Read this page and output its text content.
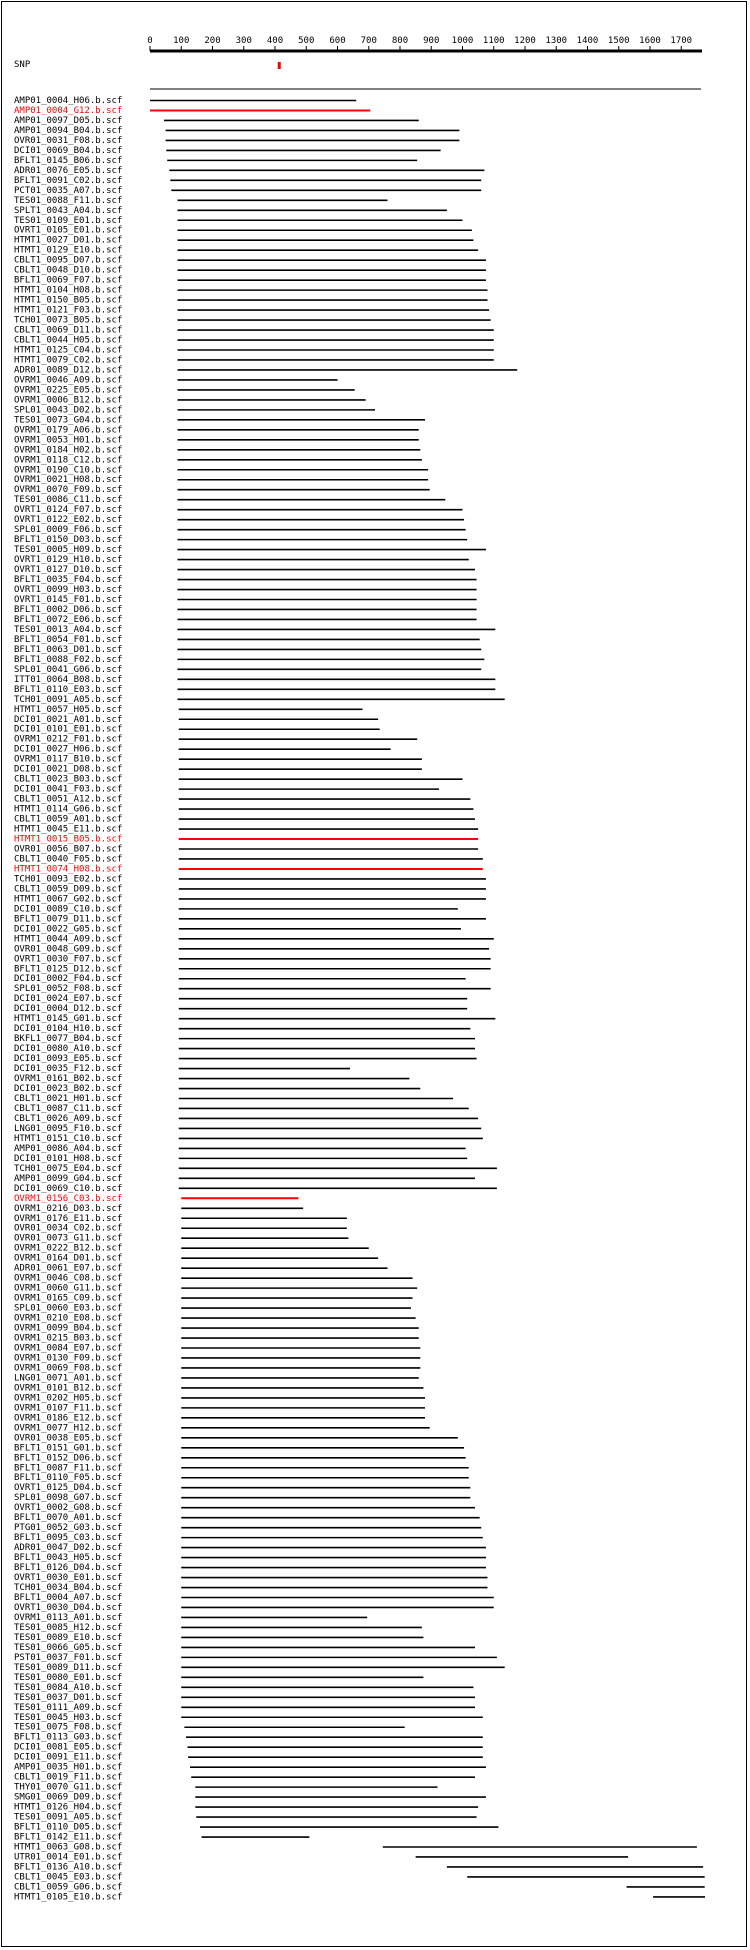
0 100 200 300 400 500 600 700 800 900 1000 1100 1200 1300 1400 1500 1600 1700
SNP
AMP01_0004_H06.b.scf
AMP01_0004_G12.b.scf
AMP01_0097_D05.b.scf
AMP01_0094_B04.b.scf
OVR01_0031_F08.b.scf
DCI01_0069_B04.b.scf
BFLT1_0145_B06.b.scf
ADR01_0076_E05.b.scf
BFLT1_0091_C02.b.scf
PCT01_0035_A07.b.scf
TES01_0088_F11.b.scf
SPLT1_0043_A04.b.scf
TES01_0109_E01.b.scf
OVRT1_0105_E01.b.scf
HTMT1_0027_D01.b.scf
HTMT1_0129_E10.b.scf
CBLT1_0095_D07.b.scf
CBLT1_0048_D10.b.scf
BFLT1_0069_F07.b.scf
HTMT1_0104_H08.b.scf
HTMT1_0150_B05.b.scf
HTMT1_0121_F03.b.scf
TCH01_0073_B05.b.scf
CBLT1_0069_D11.b.scf
CBLT1_0044_H05.b.scf
HTMT1_0125_C04.b.scf
HTMT1_0079_C02.b.scf
ADR01_0089_D12.b.scf
OVRM1_0046_A09.b.scf
OVRM1_0225_E05.b.scf
OVRM1_0006_B12.b.scf
SPL01_0043_D02.b.scf
TES01_0073_G04.b.scf
OVRM1_0179_A06.b.scf
OVRM1_0053_H01.b.scf
OVRM1_0184_H02.b.scf
OVRM1_0118_C12.b.scf
OVRM1_0190_C10.b.scf
OVRM1_0021_H08.b.scf
OVRM1_0070_F09.b.scf
TES01_0086_C11.b.scf
OVRT1_0124_F07.b.scf
OVRT1_0122_E02.b.scf
SPL01_0009_F06.b.scf
BFLT1_0150_D03.b.scf
TES01_0005_H09.b.scf
OVRT1_0129_H10.b.scf
OVRT1_0127_D10.b.scf
BFLT1_0035_F04.b.scf
OVRT1_0099_H03.b.scf
OVRT1_0145_F01.b.scf
BFLT1_0002_D06.b.scf
BFLT1_0072_E06.b.scf
TES01_0013_A04.b.scf
BFLT1_0054_F01.b.scf
BFLT1_0063_D01.b.scf
BFLT1_0088_F02.b.scf
SPL01_0041_G06.b.scf
ITT01_0064_B08.b.scf
BFLT1_0110_E03.b.scf
TCH01_0091_A05.b.scf
HTMT1_0057_H05.b.scf
DCI01_0021_A01.b.scf
DCI01_0101_E01.b.scf
OVRM1_0212_F01.b.scf
DCI01_0027_H06.b.scf
OVRM1_0117_B10.b.scf
DCI01_0021_D08.b.scf
CBLT1_0023_B03.b.scf
DCI01_0041_F03.b.scf
CBLT1_0051_A12.b.scf
HTMT1_0114_G06.b.scf
CBLT1_0059_A01.b.scf
HTMT1_0045_E11.b.scf
HTMT1_0015_B05.b.scf
OVR01_0056_B07.b.scf
CBLT1_0040_F05.b.scf
HTMT1_0074_H08.b.scf
TCH01_0093_E02.b.scf
CBLT1_0059_D09.b.scf
HTMT1_0067_G02.b.scf
DCI01_0089_C10.b.scf
BFLT1_0079_D11.b.scf
DCI01_0022_G05.b.scf
HTMT1_0044_A09.b.scf
OVR01_0048_G09.b.scf
OVRT1_0030_F07.b.scf
BFLT1_0125_D12.b.scf
DCI01_0002_F04.b.scf
SPL01_0052_F08.b.scf
DCI01_0024_E07.b.scf
DCI01_0004_D12.b.scf
HTMT1_0145_G01.b.scf
DCI01_0104_H10.b.scf
BKFL1_0077_B04.b.scf
DCI01_0080_A10.b.scf
DCI01_0093_E05.b.scf
DCI01_0035_F12.b.scf
OVRM1_0161_B02.b.scf
DCI01_0023_B02.b.scf
CBLT1_0021_H01.b.scf
CBLT1_0087_C11.b.scf
CBLT1_0026_A09.b.scf
LNG01_0095_F10.b.scf
HTMT1_0151_C10.b.scf
AMP01_0086_A04.b.scf
DCI01_0101_H08.b.scf
TCH01_0075_E04.b.scf
AMP01_0099_G04.b.scf
DCI01_0069_C10.b.scf
OVRM1_0156_C03.b.scf
OVRM1_0216_D03.b.scf
OVRM1_0176_E11.b.scf
OVR01_0034_C02.b.scf
OVR01_0073_G11.b.scf
OVRM1_0222_B12.b.scf
OVRM1_0164_D01.b.scf
ADR01_0061_E07.b.scf
OVRM1_0046_C08.b.scf
OVRM1_0060_G11.b.scf
OVRM1_0165_C09.b.scf
SPL01_0060_E03.b.scf
OVRM1_0210_E08.b.scf
OVRM1_0099_B04.b.scf
OVRM1_0215_B03.b.scf
OVRM1_0084_E07.b.scf
OVRM1_0130_F09.b.scf
OVRM1_0069_F08.b.scf
LNG01_0071_A01.b.scf
OVRM1_0101_B12.b.scf
OVRM1_0202_H05.b.scf
OVRM1_0107_F11.b.scf
OVRM1_0186_E12.b.scf
OVRM1_0077_H12.b.scf
OVR01_0038_E05.b.scf
BFLT1_0151_G01.b.scf
BFLT1_0152_D06.b.scf
BFLT1_0087_F11.b.scf
BFLT1_0110_F05.b.scf
OVRT1_0125_D04.b.scf
SPL01_0098_G07.b.scf
OVRT1_0002_G08.b.scf
BFLT1_0070_A01.b.scf
PTG01_0052_G03.b.scf
BFLT1_0095_C03.b.scf
ADR01_0047_D02.b.scf
BFLT1_0043_H05.b.scf
BFLT1_0126_D04.b.scf
OVRT1_0030_E01.b.scf
TCH01_0034_B04.b.scf
BFLT1_0004_A07.b.scf
OVRT1_0030_D04.b.scf
OVRM1_0113_A01.b.scf
TES01_0085_H12.b.scf
TES01_0089_E10.b.scf
TES01_0066_G05.b.scf
PST01_0037_F01.b.scf
TES01_0089_D11.b.scf
TES01_0080_E01.b.scf
TES01_0084_A10.b.scf
TES01_0037_D01.b.scf
TES01_0111_A09.b.scf
TES01_0045_H03.b.scf
TES01_0075_F08.b.scf
BFLT1_0113_G03.b.scf
DCI01_0081_E05.b.scf
DCI01_0091_E11.b.scf
AMP01_0035_H01.b.scf
CBLT1_0019_F11.b.scf
THY01_0070_G11.b.scf
SMG01_0069_D09.b.scf
HTMT1_0126_H04.b.scf
TES01_0091_A05.b.scf
BFLT1_0110_D05.b.scf
BFLT1_0142_E11.b.scf
HTMT1_0063_G08.b.scf
UTR01_0014_E01.b.scf
BFLT1_0136_A10.b.scf
CBLT1_0045_E03.b.scf
CBLT1_0059_G06.b.scf
HTMT1_0105_E10.b.scf
